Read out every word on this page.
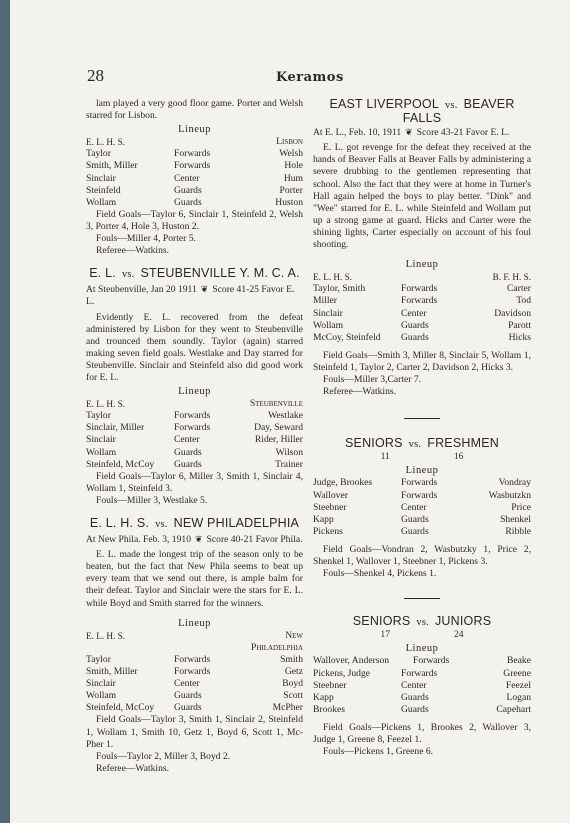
28	Keramos

lam played a very good floor game. Porter and Welsh starred for Lisbon.

Lineup
E. L. H. S.	Lisbon
Taylor	Forwards	Welsh
Smith, Miller	Forwards	Hole
Sinclair	Center	Hum
Steinfeld	Guards	Porter
Wollam	Guards	Huston

Field Goals—Taylor 6, Sinclair 1, Steinfeld 2, Welsh 3, Porter 4, Hole 3, Huston 2.

Fouls—Miller 4, Porter 5.

Referee—Watkins.

E. L. vs. STEUBENVILLE Y. M. C. A.
At Steubenville, Jan 20 1911 ❦ Score 41-25 Favor E. L.

Evidently E. L. recovered from the defeat administered by Lisbon for they went to Steubenville and trounced them soundly. Taylor (again) starred making seven field goals. Westlake and Day starred for Steubenville. Sinclair and Steinfeld also did good work for E. L.

Lineup
E. L. H. S.	Steubenville
Taylor	Forwards	Westlake
Sinclair, Miller	Forwards	Day, Seward
Sinclair	Center	Rider, Hiller
Wollam	Guards	Wilson
Steinfeld, McCoy	Guards	Trainer

Field Goals—Taylor 6, Miller 3, Smith 1, Sinclair 4, Wollam 1, Steinfeld 3.

Fouls—Miller 3, Westlake 5.

E. L. H. S. vs. NEW PHILADELPHIA
At New Phila. Feb. 3, 1910 ❦ Score 40-21 Favor Phila.

E. L. made the longest trip of the season only to be beaten, but the fact that New Phila seems to beat up every team that we send out there, is ample balm for their defeat. Taylor and Sinclair were the stars for E. L. while Boyd and Smith starred for the winners.

Lineup
E. L. H. S.	New Philadelphia
Taylor	Forwards	Smith
Smith, Miller	Forwards	Getz
Sinclair	Center	Boyd
Wollam	Guards	Scott
Steinfeld, McCoy	Guards	McPher

Field Goals—Taylor 3, Smith 1, Sinclair 2, Steinfeld 1, Wollam 1, Smith 10, Getz 1, Boyd 6, Scott 1, Mc-Pher 1.

Fouls—Taylor 2, Miller 3, Boyd 2.

Referee—Watkins.

EAST LIVERPOOL vs. BEAVER FALLS
At E. L., Feb. 10, 1911 ❦ Score 43-21 Favor E. L.

E. L. got revenge for the defeat they received at the hands of Beaver Falls at Beaver Falls by administering a severe drubbing to the gentlemen representing that school. Also the fact that they were at home in Turner's Hall again helped the boys to play better. "Dink" and "Wee" starred for E. L. while Steinfeld and Wollam put up a strong game at guard. Hicks and Carter were the shining lights, Carter especially on account of his foul shooting.

Lineup
E. L. H. S.	B. F. H. S.
Taylor, Smith	Forwards	Carter
Miller	Forwards	Tod
Sinclair	Center	Davidson
Wollam	Guards	Parott
McCoy, Steinfeld	Guards	Hicks

Field Goals—Smith 3, Miller 8, Sinclair 5, Wollam 1, Steinfeld 1, Taylor 2, Carter 2, Davidson 2, Hicks 3.

Fouls—Miller 3,Carter 7.

Referee—Watkins.

SENIORS vs. FRESHMEN
11	16
Lineup
Judge, Brookes	Forwards	Vondray
Wallover	Forwards	Wasbutzkn
Steebner	Center	Price
Kapp	Guards	Shenkel
Pickens	Guards	Ribble

Field Goals—Vondran 2, Wasbutzky 1, Price 2, Shenkel 1, Wallover 1, Steebner 1, Pickens 3.

Fouls—Shenkel 4, Pickens 1.

SENIORS vs. JUNIORS
17	24
Lineup
Wallover, Anderson	Forwards	Beake
Pickens, Judge	Forwards	Greene
Steebner	Center	Feezel
Kapp	Guards	Logan
Brookes	Guards	Capehart

Field Goals—Pickens 1, Brookes 2, Wallover 3, Judge 1, Greene 8, Feezel 1.

Fouls—Pickens 1, Greene 6.
